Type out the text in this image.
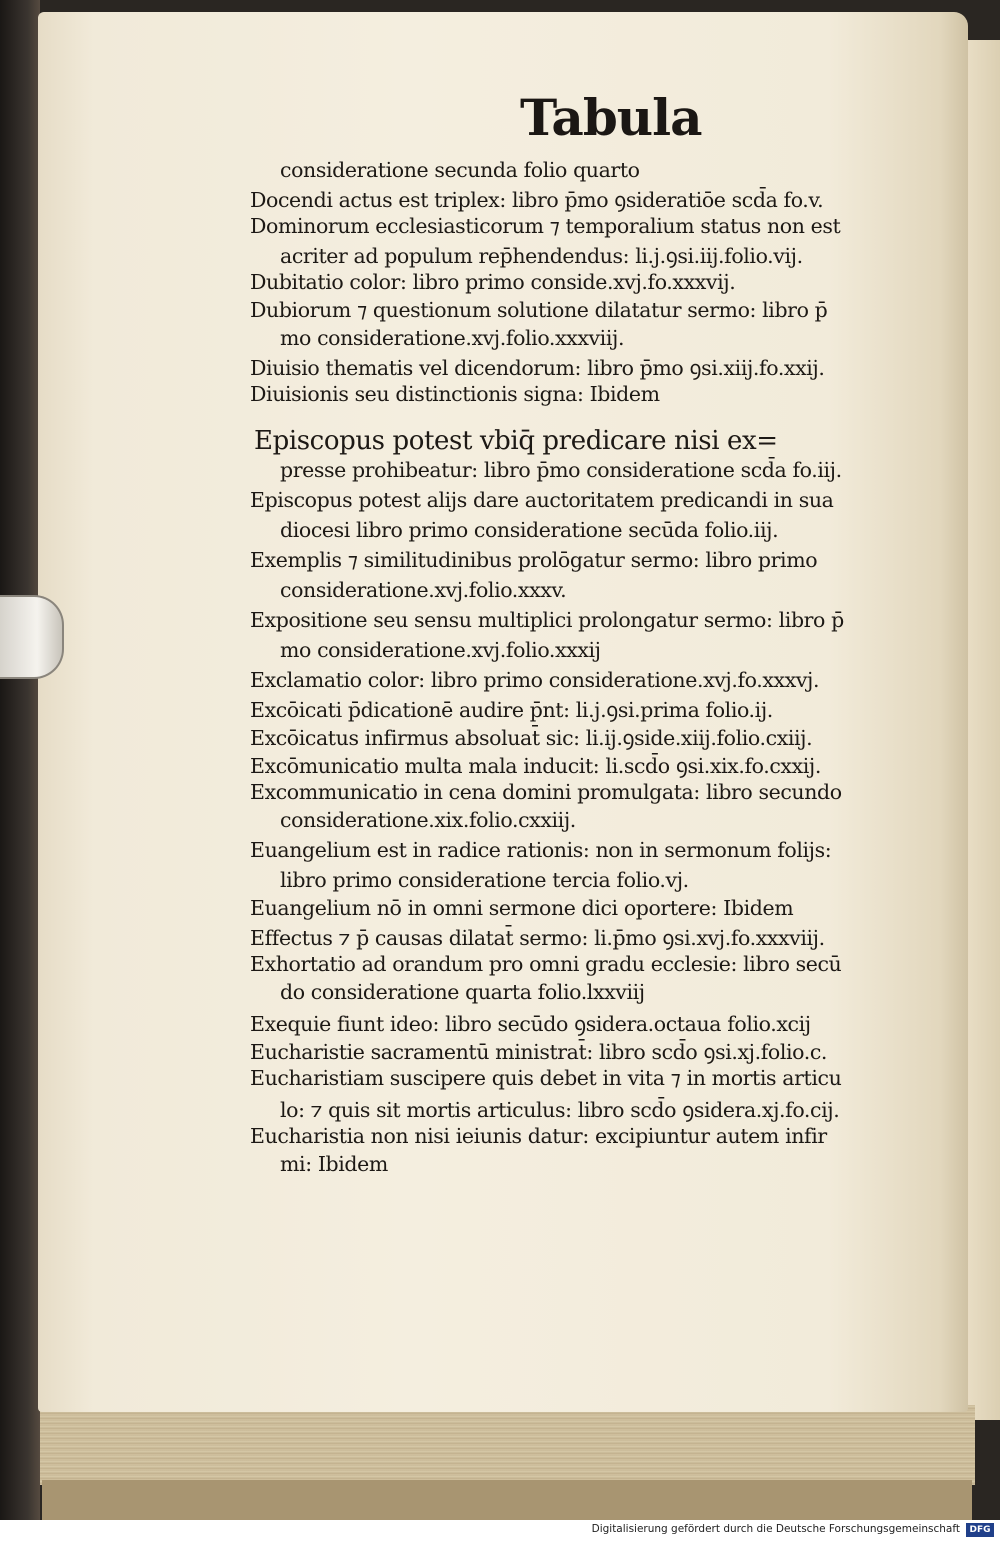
Tabula
consideratione secunda folio quarto
Docendi actus est triplex: libro p̄mo ꝯsideratiōe scd̄a fo.v.
Dominorum ecclesiasticorum ⁊ temporalium status non est
acriter ad populum rep̄hendendus: li.j.ꝯsi.iij.folio.vij.
Dubitatio color: libro primo conside.xvj.fo.xxxvij.
Dubiorum ⁊ questionum solutione dilatatur sermo: libro p̄
mo consideratione.xvj.folio.xxxviij.
Diuisio thematis vel dicendorum: libro p̄mo ꝯsi.xiij.fo.xxij.
Diuisionis seu distinctionis signa: Ibidem
Episcopus potest vbiq̄ predicare nisi ex=
presse prohibeatur: libro p̄mo consideratione scd̄a fo.iij.
Episcopus potest alijs dare auctoritatem predicandi in sua
diocesi libro primo consideratione secūda folio.iij.
Exemplis ⁊ similitudinibus prolōgatur sermo: libro primo
consideratione.xvj.folio.xxxv.
Expositione seu sensu multiplici prolongatur sermo: libro p̄
mo consideratione.xvj.folio.xxxij
Exclamatio color: libro primo consideratione.xvj.fo.xxxvj.
Excōicati p̄dicationē audire p̄nt: li.j.ꝯsi.prima folio.ij.
Excōicatus infirmus absoluat̄ sic: li.ij.ꝯside.xiij.folio.cxiij.
Excōmunicatio multa mala inducit: li.scd̄o ꝯsi.xix.fo.cxxij.
Excommunicatio in cena domini promulgata: libro secundo
consideratione.xix.folio.cxxiij.
Euangelium est in radice rationis: non in sermonum folijs:
libro primo consideratione tercia folio.vj.
Euangelium nō in omni sermone dici oportere: Ibidem
Effectus ⁊ p̄ causas dilatat̄ sermo: li.p̄mo ꝯsi.xvj.fo.xxxviij.
Exhortatio ad orandum pro omni gradu ecclesie: libro secū
do consideratione quarta folio.lxxviij
Exequie fiunt ideo: libro secūdo ꝯsidera.octaua folio.xcij
Eucharistie sacramentū ministrat̄: libro scd̄o ꝯsi.xj.folio.c.
Eucharistiam suscipere quis debet in vita ⁊ in mortis articu
lo: ⁊ quis sit mortis articulus: libro scd̄o ꝯsidera.xj.fo.cij.
Eucharistia non nisi ieiunis datur: excipiuntur autem infir
mi: Ibidem
Digitalisierung gefördert durch die Deutsche Forschungsgemeinschaft	DFG
